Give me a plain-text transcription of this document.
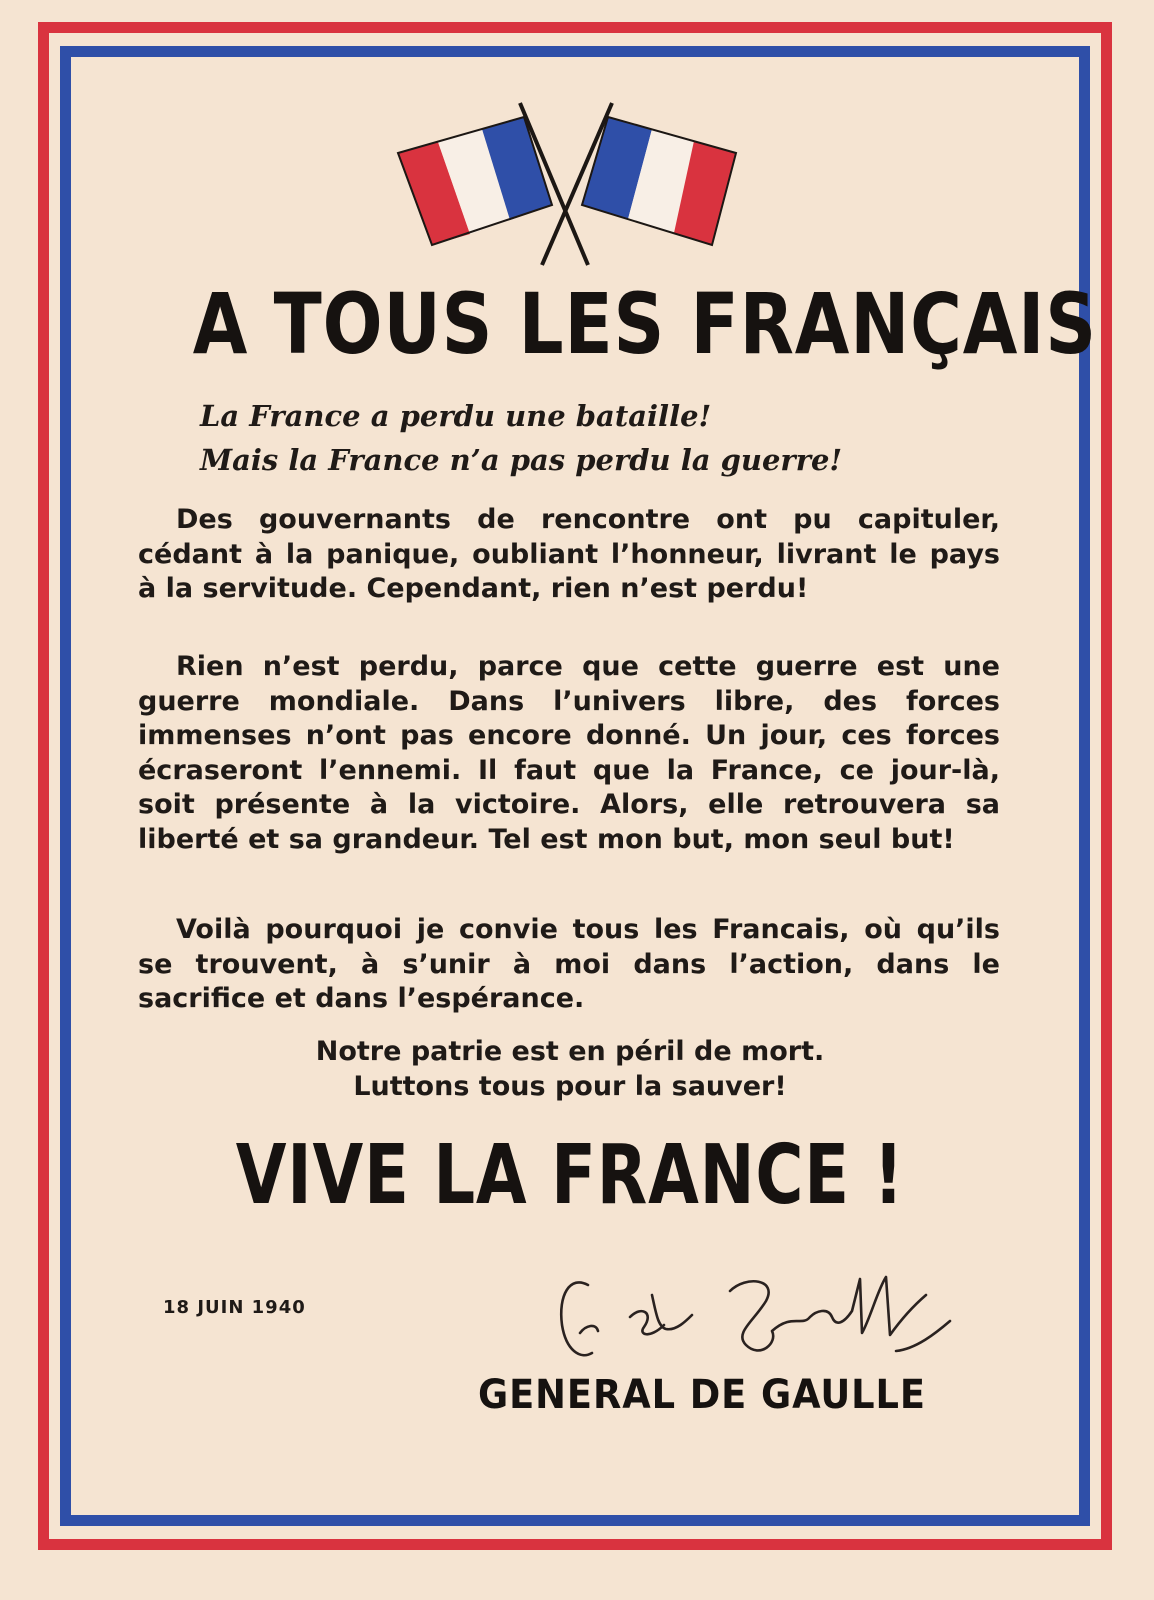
A TOUS LES FRANÇAIS
La France a perdu une bataille!
Mais la France n’a pas perdu la guerre!

Des gouvernants de rencontre ont pu capituler, cédant à la panique, oubliant l’honneur, livrant le pays à la servitude. Cependant, rien n’est perdu!

Rien n’est perdu, parce que cette guerre est une guerre mondiale. Dans l’univers libre, des forces immenses n’ont pas encore donné. Un jour, ces forces écraseront l’ennemi. Il faut que la France, ce jour-là, soit présente à la victoire. Alors, elle retrouvera sa liberté et sa grandeur. Tel est mon but, mon seul but!

Voilà pourquoi je convie tous les Francais, où qu’ils se trouvent, à s’unir à moi dans l’action, dans le sacrifice et dans l’espérance.

Notre patrie est en péril de mort.
Luttons tous pour la sauver!
VIVE LA FRANCE !
18 JUIN 1940
GENERAL DE GAULLE
